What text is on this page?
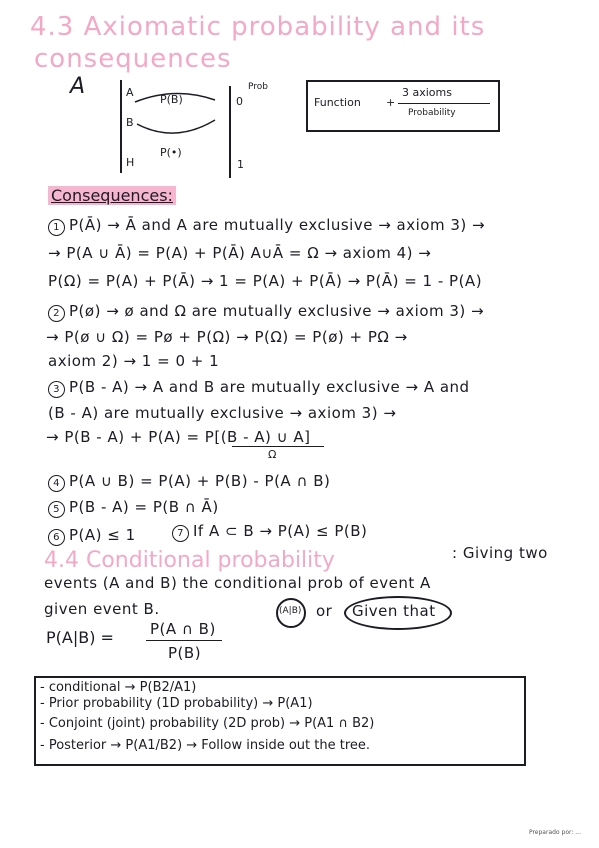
4.3 Axiomatic probability and its
consequences
A	A
B
H
P(B)
P(•)
0
Prob
1
Function +
3 axioms
Probability
Consequences:
1 P(Ā) → Ā and A are mutually exclusive → axiom 3) →
→ P(A ∪ Ā) = P(A) + P(Ā) A∪Ā = Ω → axiom 4) →
P(Ω) = P(A) + P(Ā) → 1 = P(A) + P(Ā) → P(Ā) = 1 - P(A)
2 P(ø) → ø and Ω are mutually exclusive → axiom 3) →
→ P(ø ∪ Ω) = Pø + P(Ω) → P(Ω) = P(ø) + PΩ →
axiom 2) → 1 = 0 + 1
3 P(B - A) → A and B are mutually exclusive → A and
(B - A) are mutually exclusive → axiom 3) →
→ P(B - A) + P(A) = P[(B - A) ∪ A]
Ω
4 P(A ∪ B) = P(A) + P(B) - P(A ∩ B)
5 P(B - A) = P(B ∩ Ā)
6 P(A) ≤ 1	7 If A ⊂ B → P(A) ≤ P(B)
4.4 Conditional probability	: Giving two
events (A and B) the conditional prob of event A
given event B.	(A|B) or Given that
P(A|B) = P(A ∩ B)
P(B)
- conditional → P(B2/A1)
- Prior probability (1D probability) → P(A1)
- Conjoint (joint) probability (2D prob) → P(A1 ∩ B2)
- Posterior → P(A1/B2) → Follow inside out the tree.
Preparado por: ...
